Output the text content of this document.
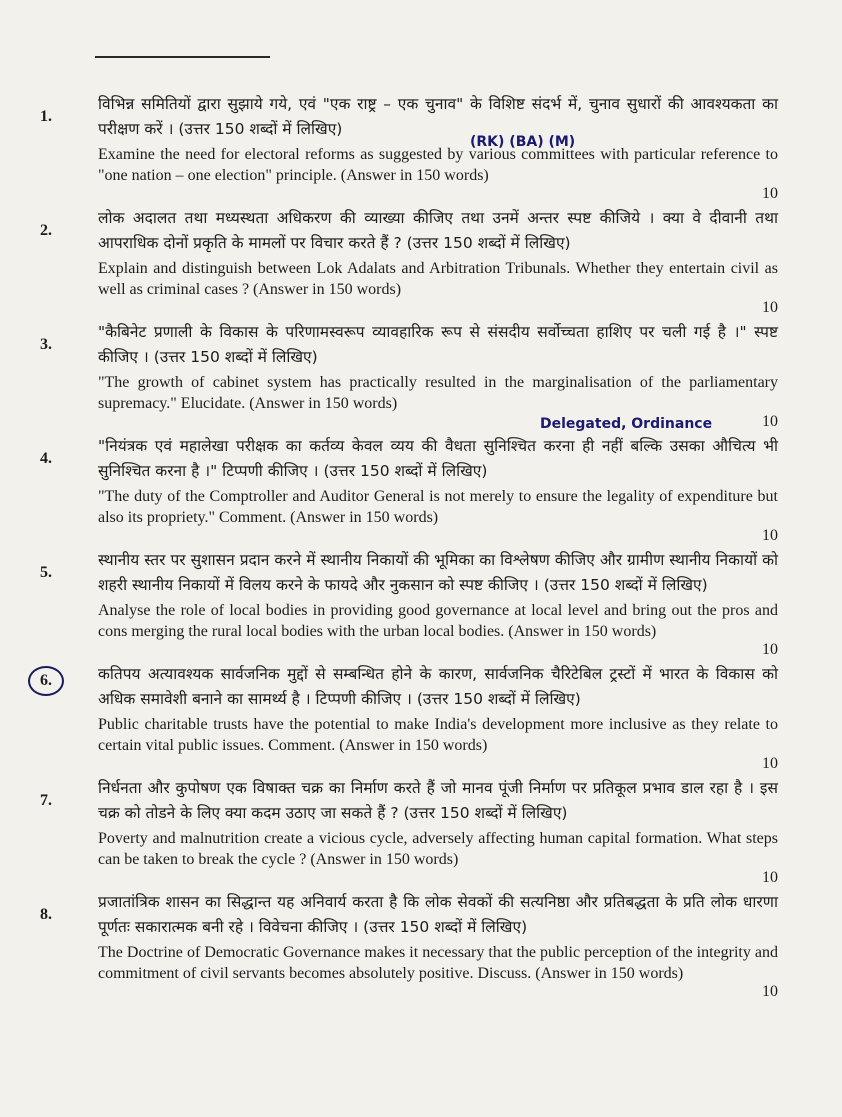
1.

विभिन्न समितियों द्वारा सुझाये गये, एवं "एक राष्ट्र – एक चुनाव" के विशिष्ट संदर्भ में, चुनाव सुधारों की आवश्यकता का परीक्षण करें । (उत्तर 150 शब्दों में लिखिए)

Examine the need for electoral reforms as suggested by various committees with particular reference to "one nation – one election" principle. (Answer in 150 words)

10

(RK) (BA) (M)
2.

लोक अदालत तथा मध्यस्थता अधिकरण की व्याख्या कीजिए तथा उनमें अन्तर स्पष्ट कीजिये । क्या वे दीवानी तथा आपराधिक दोनों प्रकृति के मामलों पर विचार करते हैं ? (उत्तर 150 शब्दों में लिखिए)

Explain and distinguish between Lok Adalats and Arbitration Tribunals. Whether they entertain civil as well as criminal cases ? (Answer in 150 words)

10

3.

"कैबिनेट प्रणाली के विकास के परिणामस्वरूप व्यावहारिक रूप से संसदीय सर्वोच्चता हाशिए पर चली गई है ।" स्पष्ट कीजिए । (उत्तर 150 शब्दों में लिखिए)

"The growth of cabinet system has practically resulted in the marginalisation of the parliamentary supremacy." Elucidate. (Answer in 150 words)

10

Delegated, Ordinance
4.

"नियंत्रक एवं महालेखा परीक्षक का कर्तव्य केवल व्यय की वैधता सुनिश्चित करना ही नहीं बल्कि उसका औचित्य भी सुनिश्चित करना है ।" टिप्पणी कीजिए । (उत्तर 150 शब्दों में लिखिए)

"The duty of the Comptroller and Auditor General is not merely to ensure the legality of expenditure but also its propriety." Comment. (Answer in 150 words)

10

5.

स्थानीय स्तर पर सुशासन प्रदान करने में स्थानीय निकायों की भूमिका का विश्लेषण कीजिए और ग्रामीण स्थानीय निकायों को शहरी स्थानीय निकायों में विलय करने के फायदे और नुकसान को स्पष्ट कीजिए । (उत्तर 150 शब्दों में लिखिए)

Analyse the role of local bodies in providing good governance at local level and bring out the pros and cons merging the rural local bodies with the urban local bodies. (Answer in 150 words)

10

6.	कतिपय अत्यावश्यक सार्वजनिक मुद्दों से सम्बन्धित होने के कारण, सार्वजनिक चैरिटेबिल ट्रस्टों में भारत के विकास को अधिक समावेशी बनाने का सामर्थ्य है । टिप्पणी कीजिए । (उत्तर 150 शब्दों में लिखिए)

Public charitable trusts have the potential to make India's development more inclusive as they relate to certain vital public issues. Comment. (Answer in 150 words)

10

7.

निर्धनता और कुपोषण एक विषाक्त चक्र का निर्माण करते हैं जो मानव पूंजी निर्माण पर प्रतिकूल प्रभाव डाल रहा है । इस चक्र को तोडने के लिए क्या कदम उठाए जा सकते हैं ? (उत्तर 150 शब्दों में लिखिए)

Poverty and malnutrition create a vicious cycle, adversely affecting human capital formation. What steps can be taken to break the cycle ? (Answer in 150 words)

10

8.

प्रजातांत्रिक शासन का सिद्धान्त यह अनिवार्य करता है कि लोक सेवकों की सत्यनिष्ठा और प्रतिबद्धता के प्रति लोक धारणा पूर्णतः सकारात्मक बनी रहे । विवेचना कीजिए । (उत्तर 150 शब्दों में लिखिए)

The Doctrine of Democratic Governance makes it necessary that the public perception of the integrity and commitment of civil servants becomes absolutely positive. Discuss. (Answer in 150 words)

10
